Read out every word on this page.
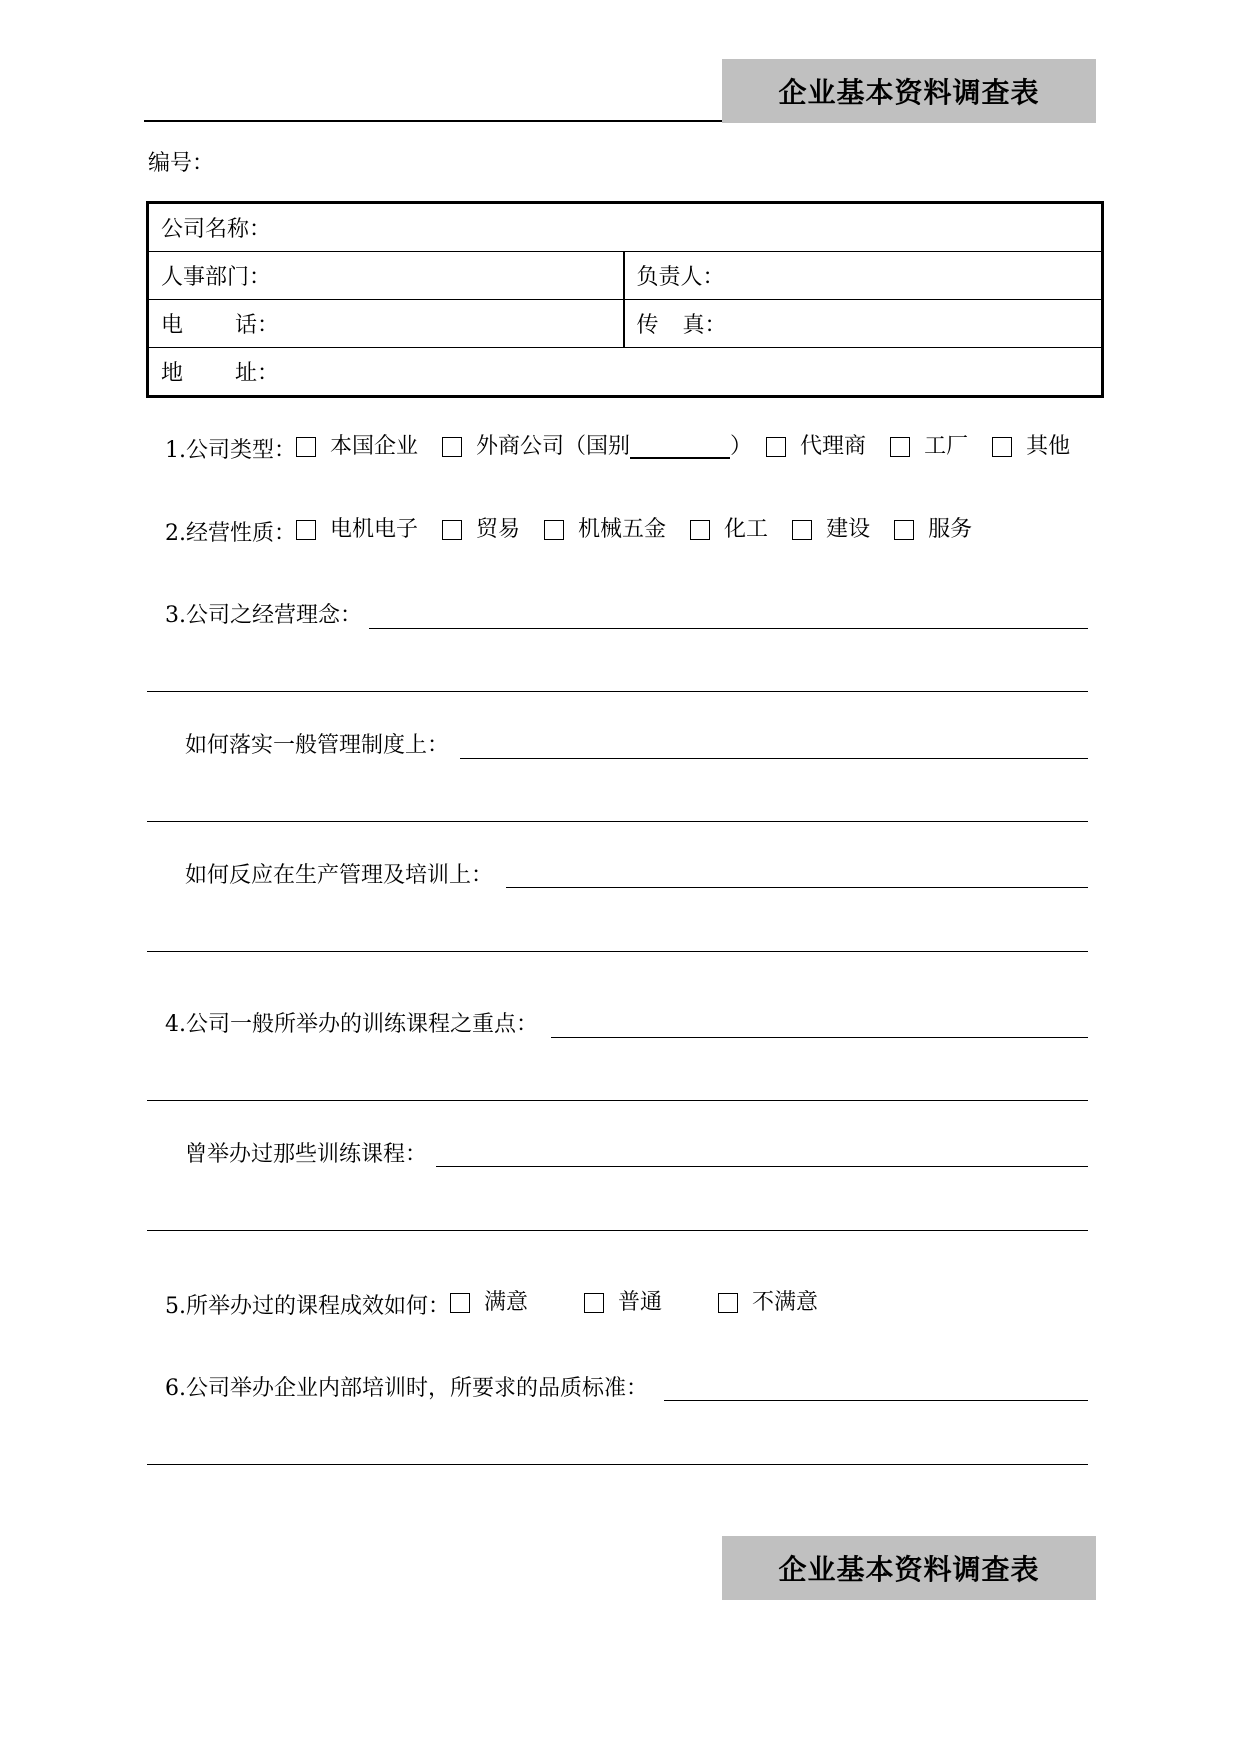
企业基本资料调查表
编号：
公司名称：	
人事部门：	负责人：
电 话：	传 真：
地 址：	
1.公司类型： 本国企业	外商公司（国别	） 代理商	工厂	其他
2.经营性质： 电机电子	贸易	机械五金	化工	建设	服务
3.公司之经营理念：
如何落实一般管理制度上：
如何反应在生产管理及培训上：
4.公司一般所举办的训练课程之重点：
曾举办过那些训练课程：
5.所举办过的课程成效如何： 满意	普通	不满意
6.公司举办企业内部培训时，所要求的品质标准：
企业基本资料调查表
